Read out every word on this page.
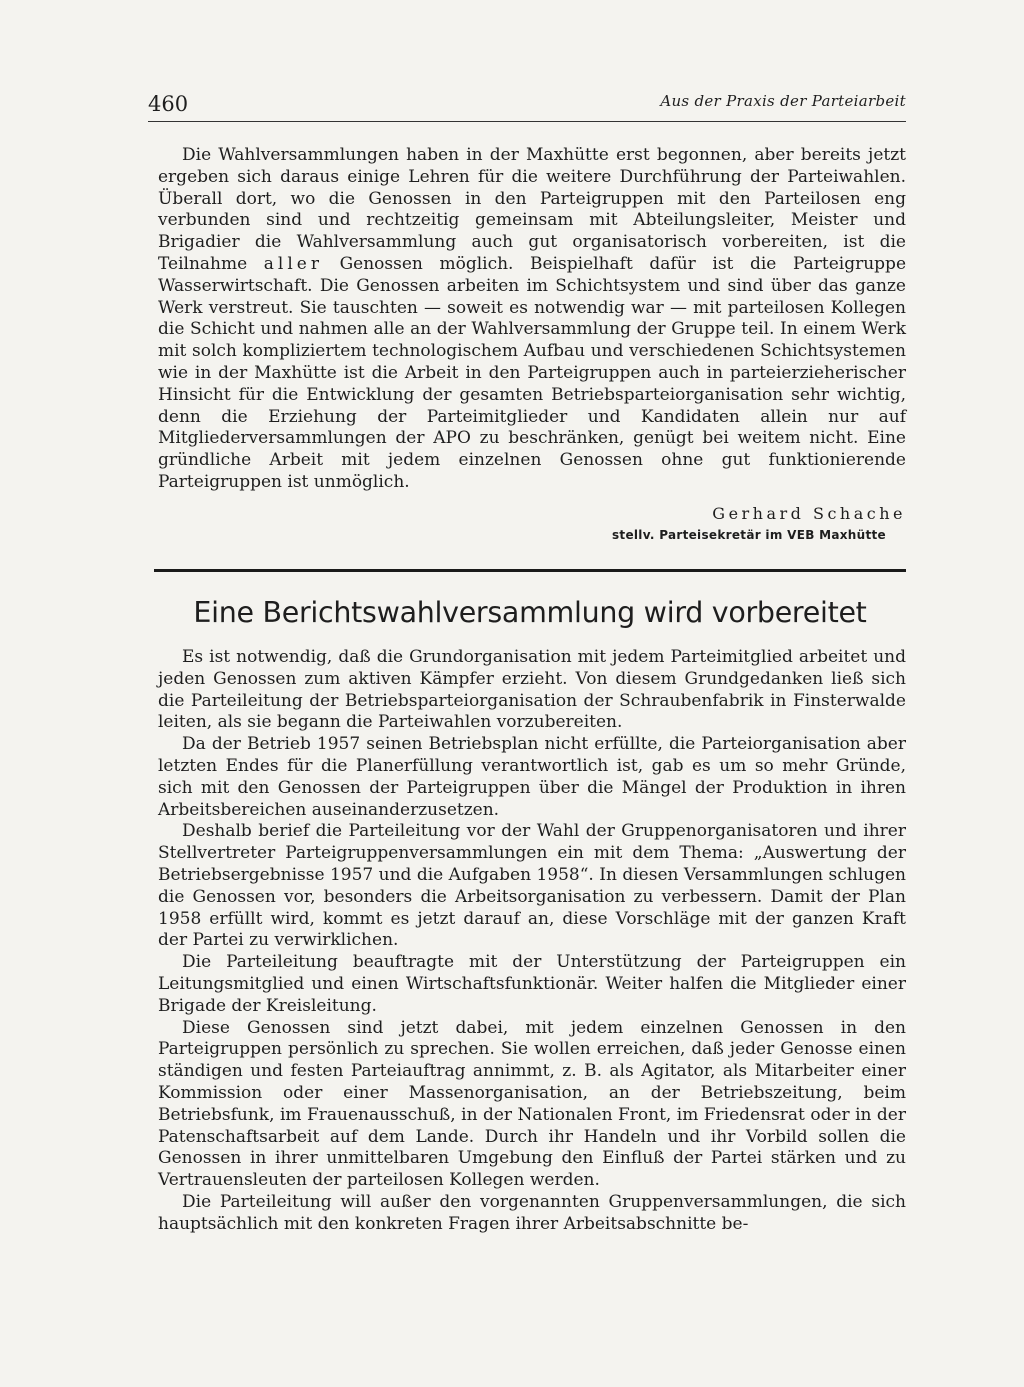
460	Aus der Praxis der Parteiarbeit

Die Wahlversammlungen haben in der Maxhütte erst begonnen, aber bereits jetzt ergeben sich daraus einige Lehren für die weitere Durchführung der Parteiwahlen. Überall dort, wo die Genossen in den Parteigruppen mit den Parteilosen eng verbunden sind und rechtzeitig gemeinsam mit Abteilungsleiter, Meister und Brigadier die Wahlversammlung auch gut organisatorisch vorbereiten, ist die Teilnahme aller Genossen möglich. Beispielhaft dafür ist die Parteigruppe Wasserwirtschaft. Die Genossen arbeiten im Schichtsystem und sind über das ganze Werk verstreut. Sie tauschten — soweit es notwendig war — mit parteilosen Kollegen die Schicht und nahmen alle an der Wahlversammlung der Gruppe teil. In einem Werk mit solch kompliziertem technologischem Aufbau und verschiedenen Schichtsystemen wie in der Maxhütte ist die Arbeit in den Parteigruppen auch in parteierzieherischer Hinsicht für die Entwicklung der gesamten Betriebsparteiorganisation sehr wichtig, denn die Erziehung der Parteimitglieder und Kandidaten allein nur auf Mitgliederversammlungen der APO zu beschränken, genügt bei weitem nicht. Eine gründliche Arbeit mit jedem einzelnen Genossen ohne gut funktionierende Parteigruppen ist unmöglich.

Gerhard Schache
stellv. Parteisekretär im VEB Maxhütte
Eine Berichtswahlversammlung wird vorbereitet

Es ist notwendig, daß die Grundorganisation mit jedem Parteimitglied arbeitet und jeden Genossen zum aktiven Kämpfer erzieht. Von diesem Grundgedanken ließ sich die Parteileitung der Betriebsparteiorganisation der Schraubenfabrik in Finsterwalde leiten, als sie begann die Parteiwahlen vorzubereiten.

Da der Betrieb 1957 seinen Betriebsplan nicht erfüllte, die Parteiorganisation aber letzten Endes für die Planerfüllung verantwortlich ist, gab es um so mehr Gründe, sich mit den Genossen der Parteigruppen über die Mängel der Produktion in ihren Arbeitsbereichen auseinanderzusetzen.

Deshalb berief die Parteileitung vor der Wahl der Gruppenorganisatoren und ihrer Stellvertreter Parteigruppenversammlungen ein mit dem Thema: „Auswertung der Betriebsergebnisse 1957 und die Aufgaben 1958“. In diesen Versammlungen schlugen die Genossen vor, besonders die Arbeitsorganisation zu verbessern. Damit der Plan 1958 erfüllt wird, kommt es jetzt darauf an, diese Vorschläge mit der ganzen Kraft der Partei zu verwirklichen.

Die Parteileitung beauftragte mit der Unterstützung der Parteigruppen ein Leitungsmitglied und einen Wirtschaftsfunktionär. Weiter halfen die Mitglieder einer Brigade der Kreisleitung.

Diese Genossen sind jetzt dabei, mit jedem einzelnen Genossen in den Parteigruppen persönlich zu sprechen. Sie wollen erreichen, daß jeder Genosse einen ständigen und festen Parteiauftrag annimmt, z. B. als Agitator, als Mitarbeiter einer Kommission oder einer Massenorganisation, an der Betriebszeitung, beim Betriebsfunk, im Frauenausschuß, in der Nationalen Front, im Friedensrat oder in der Patenschaftsarbeit auf dem Lande. Durch ihr Handeln und ihr Vorbild sollen die Genossen in ihrer unmittelbaren Umgebung den Einfluß der Partei stärken und zu Vertrauensleuten der parteilosen Kollegen werden.

Die Parteileitung will außer den vorgenannten Gruppenversammlungen, die sich hauptsächlich mit den konkreten Fragen ihrer Arbeitsabschnitte be-
